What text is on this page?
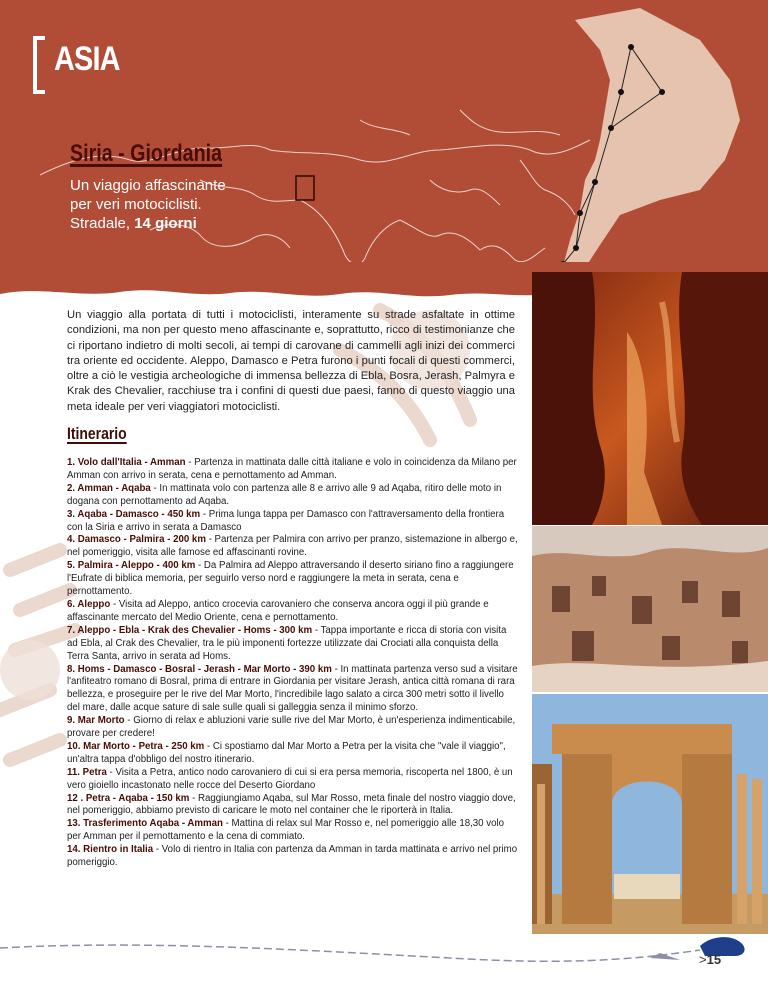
ASIA
Siria - Giordania
Un viaggio affascinante
per veri motociclisti.
Stradale, 14 giorni
Un viaggio alla portata di tutti i motociclisti, interamente su strade asfaltate in ottime condizioni, ma non per questo meno affascinante e, soprattutto, ricco di testimonianze che ci riportano indietro di molti secoli, ai tempi di carovane di cammelli agli inizi dei commerci tra oriente ed occidente. Aleppo, Damasco e Petra furono i punti focali di questi commerci, oltre a ciò le vestigia archeologiche di immensa bellezza di Ebla, Bosra, Jerash, Palmyra e Krak des Chevalier, racchiuse tra i confini di questi due paesi, fanno di questo viaggio una meta ideale per veri viaggiatori motociclisti.
Itinerario
1. Volo dall'Italia - Amman - Partenza in mattinata dalle città italiane e volo in coincidenza da Milano per Amman con arrivo in serata, cena e pernottamento ad Amman.
2. Amman - Aqaba - In mattinata volo con partenza alle 8 e arrivo alle 9 ad Aqaba, ritiro delle moto in dogana con pernottamento ad Aqaba.
3. Aqaba - Damasco - 450 km - Prima lunga tappa per Damasco con l'attraversamento della frontiera con la Siria e arrivo in serata a Damasco
4. Damasco - Palmira - 200 km - Partenza per Palmira con arrivo per pranzo, sistemazione in albergo e, nel pomeriggio, visita alle famose ed affascinanti rovine.
5. Palmira - Aleppo - 400 km - Da Palmira ad Aleppo attraversando il deserto siriano fino a raggiungere l'Eufrate di biblica memoria, per seguirlo verso nord e raggiungere la meta in serata, cena e pernottamento.
6. Aleppo - Visita ad Aleppo, antico crocevia carovaniero che conserva ancora oggi il più grande e affascinante mercato del Medio Oriente, cena e pernottamento.
7. Aleppo - Ebla - Krak des Chevalier - Homs - 300 km - Tappa importante e ricca di storia con visita ad Ebla, al Crak des Chevalier, tra le più imponenti fortezze utilizzate dai Crociati alla conquista della Terra Santa, arrivo in serata ad Homs.
8. Homs - Damasco - Bosral - Jerash - Mar Morto - 390 km - In mattinata partenza verso sud a visitare l'anfiteatro romano di Bosral, prima di entrare in Giordania per visitare Jerash, antica città romana di rara bellezza, e proseguire per le rive del Mar Morto, l'incredibile lago salato a circa 300 metri sotto il livello del mare, dalle acque sature di sale sulle quali si galleggia senza il minimo sforzo.
9. Mar Morto - Giorno di relax e abluzioni varie sulle rive del Mar Morto, è un'esperienza indimenticabile, provare per credere!
10. Mar Morto - Petra - 250 km - Ci spostiamo dal Mar Morto a Petra per la visita che "vale il viaggio", un'altra tappa d'obbligo del nostro itinerario.
11. Petra - Visita a Petra, antico nodo carovaniero di cui si era persa memoria, riscoperta nel 1800, è un vero gioiello incastonato nelle rocce del Deserto Giordano
12 . Petra - Aqaba - 150 km - Raggiungiamo Aqaba, sul Mar Rosso, meta finale del nostro viaggio dove, nel pomeriggio, abbiamo previsto di caricare le moto nel container che le riporterà in Italia.
13. Trasferimento Aqaba - Amman - Mattina di relax sul Mar Rosso e, nel pomeriggio alle 18,30 volo per Amman per il pernottamento e la cena di commiato.
14. Rientro in Italia - Volo di rientro in Italia con partenza da Amman in tarda mattinata e arrivo nel primo pomeriggio.
>15
